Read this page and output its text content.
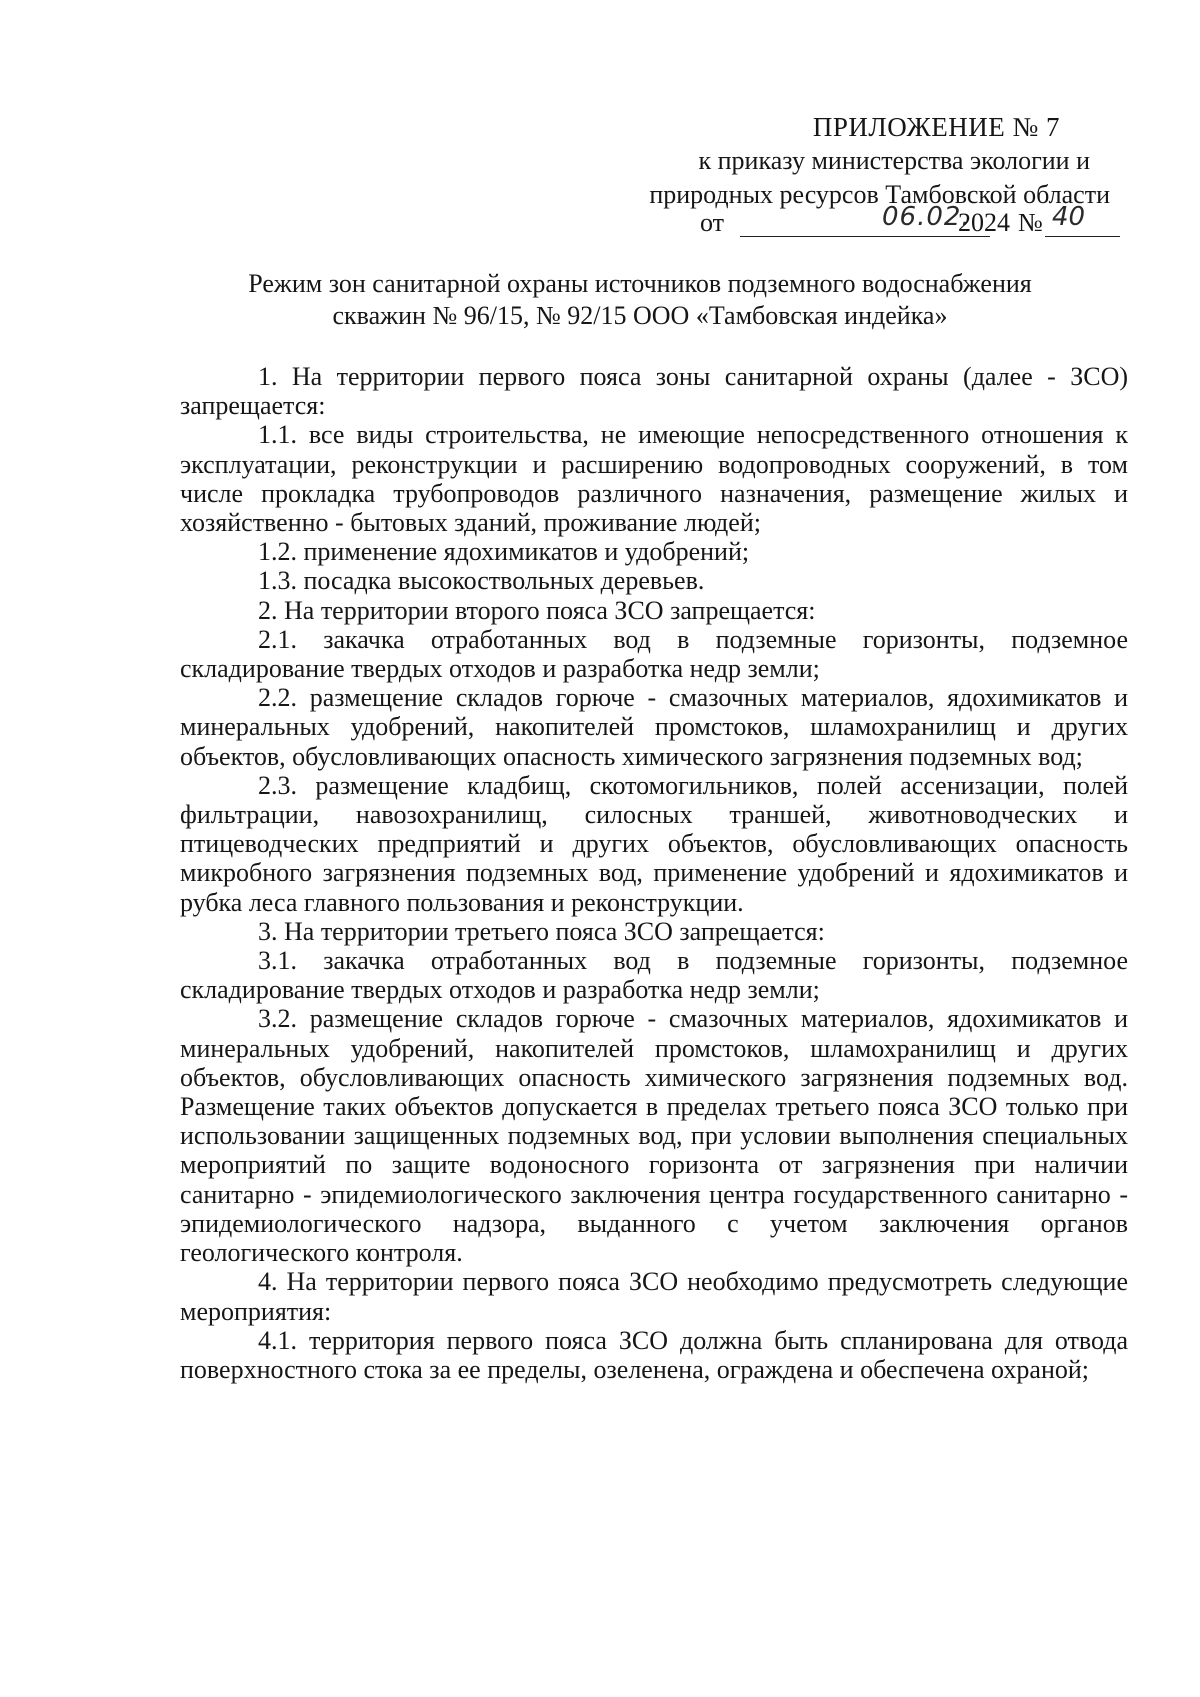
ПРИЛОЖЕНИЕ № 7
к приказу министерства экологии и
природных ресурсов Тамбовской области
от	06.02.
2024 № 40
Режим зон санитарной охраны источников подземного водоснабжения
скважин № 96/15, № 92/15 ООО «Тамбовская индейка»

1. На территории первого пояса зоны санитарной охраны (далее - ЗСО) запрещается:

1.1. все виды строительства, не имеющие непосредственного отношения к эксплуатации, реконструкции и расширению водопроводных сооружений, в том числе прокладка трубопроводов различного назначения, размещение жилых и хозяйственно - бытовых зданий, проживание людей;

1.2. применение ядохимикатов и удобрений;

1.3. посадка высокоствольных деревьев.

2. На территории второго пояса ЗСО запрещается:

2.1. закачка отработанных вод в подземные горизонты, подземное складирование твердых отходов и разработка недр земли;

2.2. размещение складов горюче - смазочных материалов, ядохимикатов и минеральных удобрений, накопителей промстоков, шламохранилищ и других объектов, обусловливающих опасность химического загрязнения подземных вод;

2.3. размещение кладбищ, скотомогильников, полей ассенизации, полей фильтрации, навозохранилищ, силосных траншей, животноводческих и птицеводческих предприятий и других объектов, обусловливающих опасность микробного загрязнения подземных вод, применение удобрений и ядохимикатов и рубка леса главного пользования и реконструкции.

3. На территории третьего пояса ЗСО запрещается:

3.1. закачка отработанных вод в подземные горизонты, подземное складирование твердых отходов и разработка недр земли;

3.2. размещение складов горюче - смазочных материалов, ядохимикатов и минеральных удобрений, накопителей промстоков, шламохранилищ и других объектов, обусловливающих опасность химического загрязнения подземных вод. Размещение таких объектов допускается в пределах третьего пояса ЗСО только при использовании защищенных подземных вод, при условии выполнения специальных мероприятий по защите водоносного горизонта от загрязнения при наличии санитарно - эпидемиологического заключения центра государственного санитарно - эпидемиологического надзора, выданного с учетом заключения органов геологического контроля.

4. На территории первого пояса ЗСО необходимо предусмотреть следующие мероприятия:

4.1. территория первого пояса ЗСО должна быть спланирована для отвода поверхностного стока за ее пределы, озеленена, ограждена и обеспечена охраной;
